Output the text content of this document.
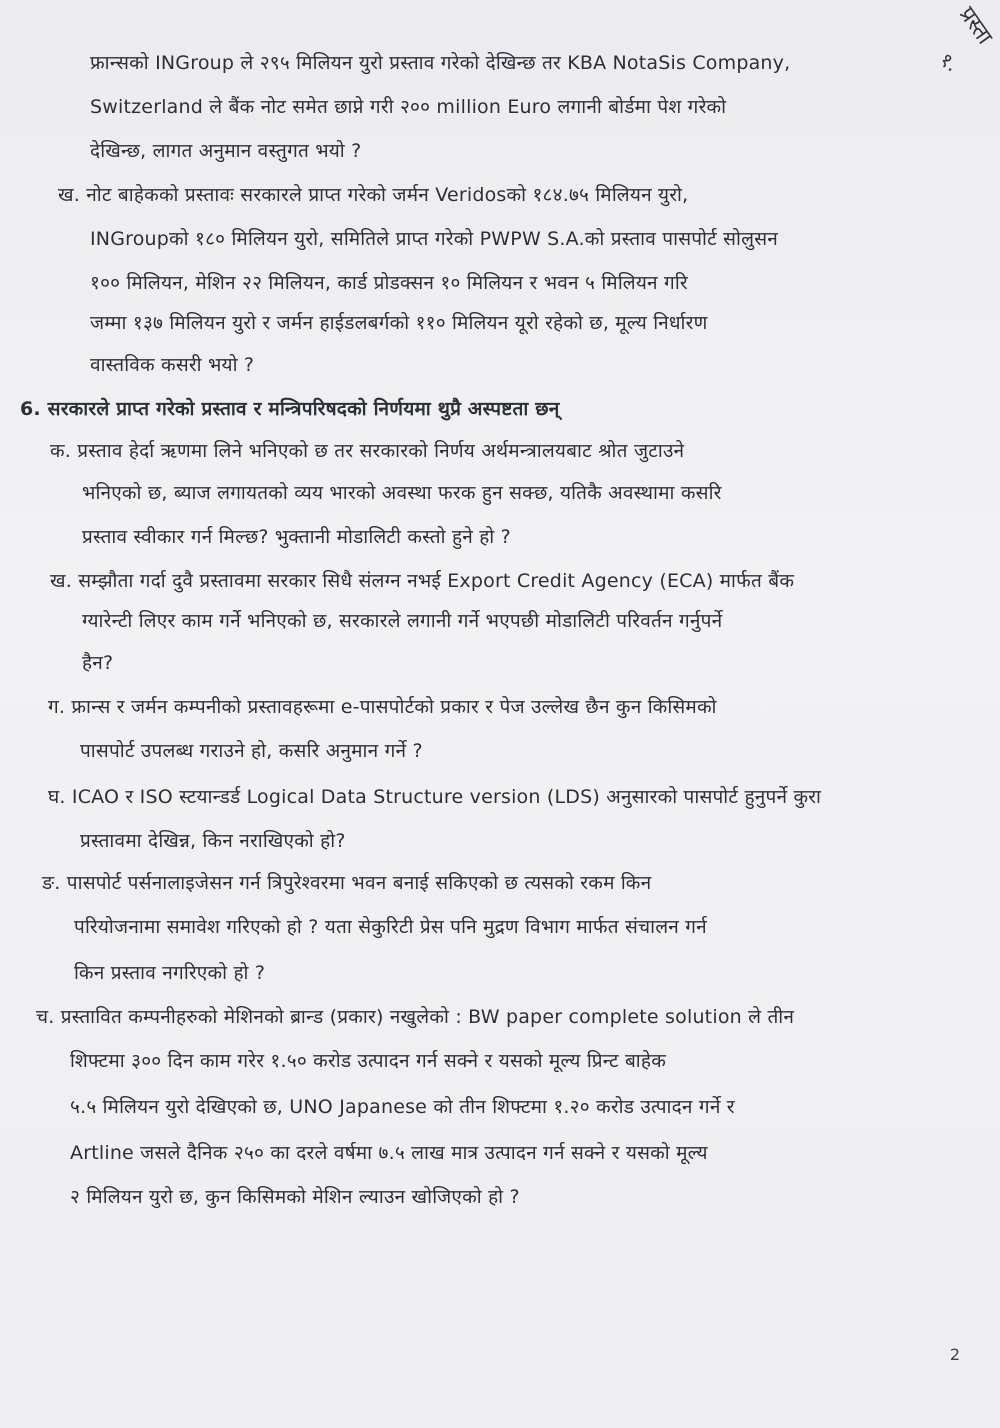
प्रस्ता
१.
फ्रान्सको INGroup ले २९५ मिलियन युरो प्रस्ताव गरेको देखिन्छ तर KBA NotaSis Company,
Switzerland ले बैंक नोट समेत छाप्ने गरी २०० million Euro लगानी बोर्डमा पेश गरेको
देखिन्छ, लागत अनुमान वस्तुगत भयो ?
ख. नोट बाहेकको प्रस्तावः सरकारले प्राप्त गरेको जर्मन Veridosको १८४.७५ मिलियन युरो,
INGroupको १८० मिलियन युरो, समितिले प्राप्त गरेको PWPW S.A.को प्रस्ताव पासपोर्ट सोलुसन
१०० मिलियन, मेशिन २२ मिलियन, कार्ड प्रोडक्सन १० मिलियन र भवन ५ मिलियन गरि
जम्मा १३७ मिलियन युरो र जर्मन हाईडलबर्गको ११० मिलियन यूरो रहेको छ, मूल्य निर्धारण
वास्तविक कसरी भयो ?
6. सरकारले प्राप्त गरेको प्रस्ताव र मन्त्रिपरिषदको निर्णयमा थुप्रै अस्पष्टता छन्
क. प्रस्ताव हेर्दा ऋणमा लिने भनिएको छ तर सरकारको निर्णय अर्थमन्त्रालयबाट श्रोत जुटाउने
भनिएको छ, ब्याज लगायतको व्यय भारको अवस्था फरक हुन सक्छ, यतिकै अवस्थामा कसरि
प्रस्ताव स्वीकार गर्न मिल्छ? भुक्तानी मोडालिटी कस्तो हुने हो ?
ख. सम्झौता गर्दा दुवै प्रस्तावमा सरकार सिधै संलग्न नभई Export Credit Agency (ECA) मार्फत बैंक
ग्यारेन्टी लिएर काम गर्ने भनिएको छ, सरकारले लगानी गर्ने भएपछी मोडालिटी परिवर्तन गर्नुपर्ने
हैन?
ग. फ्रान्स र जर्मन कम्पनीको प्रस्तावहरूमा e-पासपोर्टको प्रकार र पेज उल्लेख छैन कुन किसिमको
पासपोर्ट उपलब्ध गराउने हो, कसरि अनुमान गर्ने ?
घ. ICAO र ISO स्टयान्डर्ड Logical Data Structure version (LDS) अनुसारको पासपोर्ट हुनुपर्ने कुरा
प्रस्तावमा देखिन्न, किन नराखिएको हो?
ङ. पासपोर्ट पर्सनालाइजेसन गर्न त्रिपुरेश्वरमा भवन बनाई सकिएको छ त्यसको रकम किन
परियोजनामा समावेश गरिएको हो ? यता सेकुरिटी प्रेस पनि मुद्रण विभाग मार्फत संचालन गर्न
किन प्रस्ताव नगरिएको हो ?
च. प्रस्तावित कम्पनीहरुको मेशिनको ब्रान्ड (प्रकार) नखुलेको : BW paper complete solution ले तीन
शिफ्टमा ३०० दिन काम गरेर १.५० करोड उत्पादन गर्न सक्ने र यसको मूल्य प्रिन्ट बाहेक
५.५ मिलियन युरो देखिएको छ, UNO Japanese को तीन शिफ्टमा १.२० करोड उत्पादन गर्ने र
Artline जसले दैनिक २५० का दरले वर्षमा ७.५ लाख मात्र उत्पादन गर्न सक्ने र यसको मूल्य
२ मिलियन युरो छ, कुन किसिमको मेशिन ल्याउन खोजिएको हो ?
2
